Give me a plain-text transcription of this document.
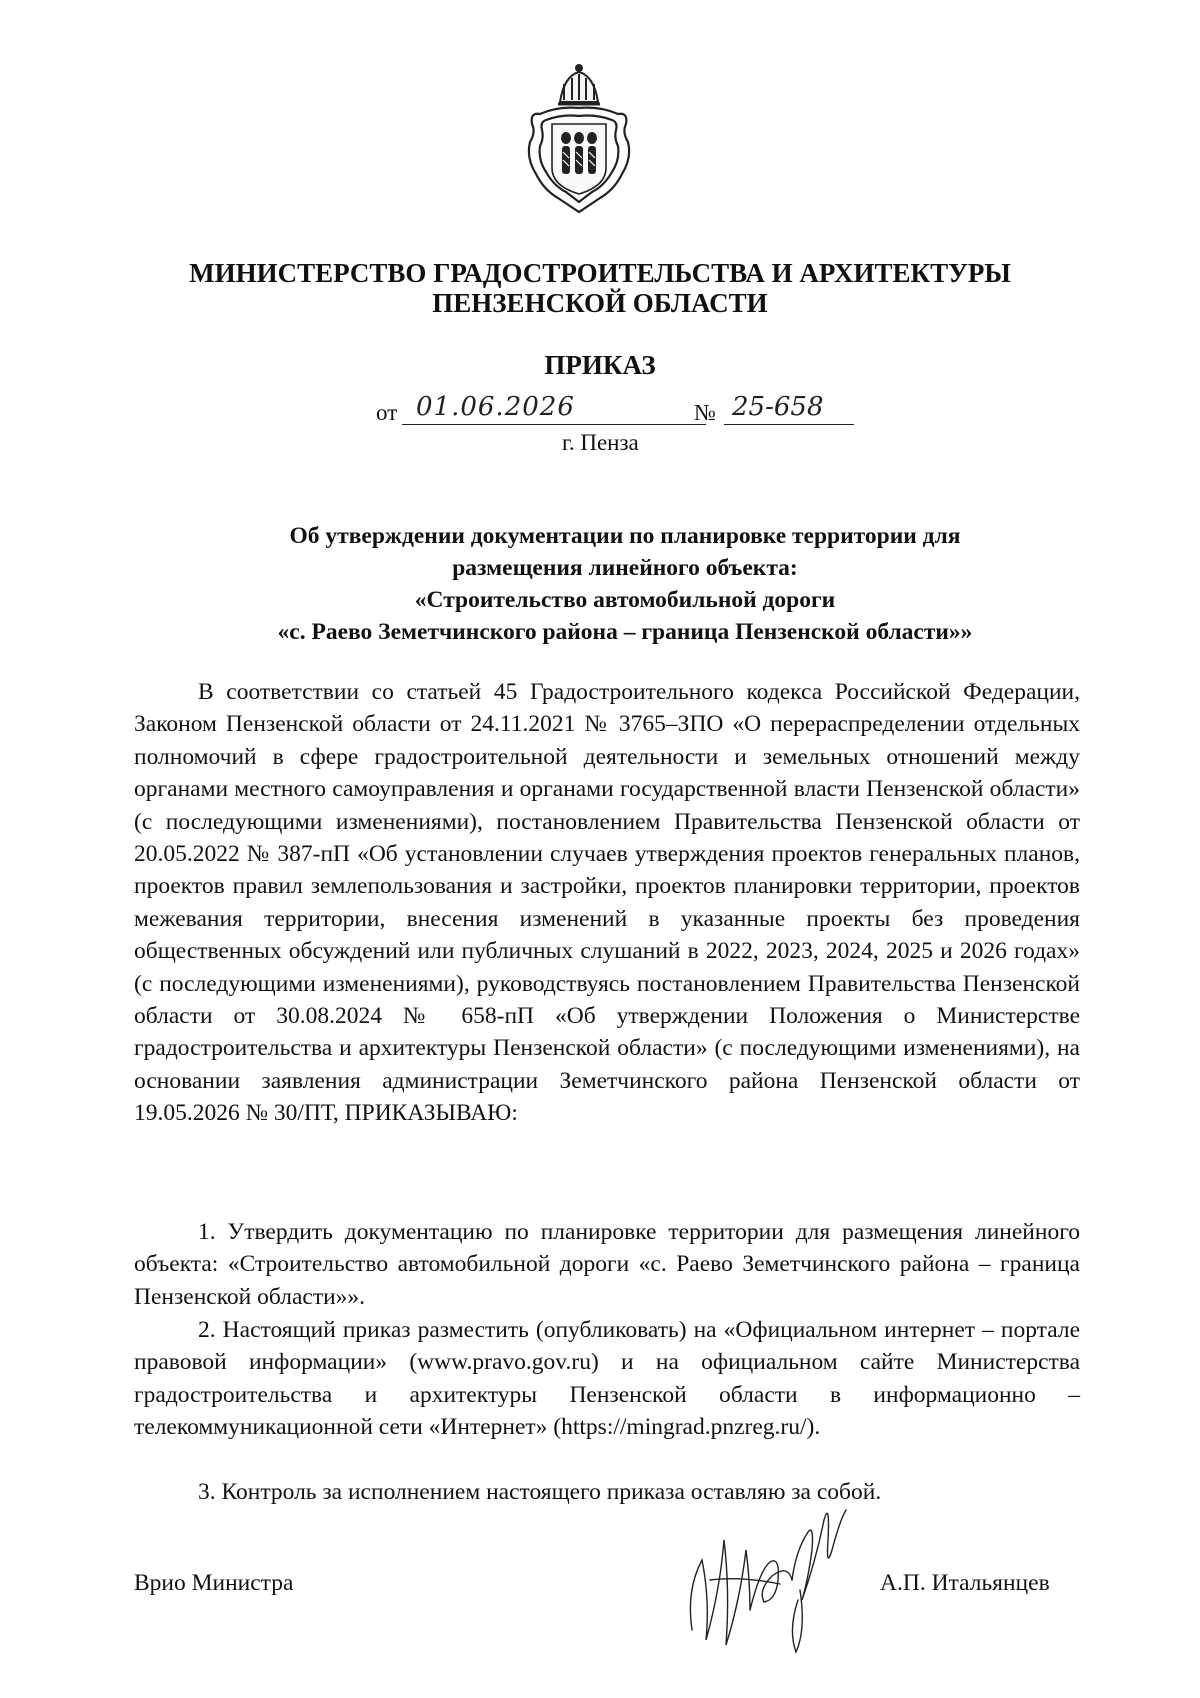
МИНИСТЕРСТВО ГРАДОСТРОИТЕЛЬСТВА И АРХИТЕКТУРЫ
ПЕНЗЕНСКОЙ ОБЛАСТИ
ПРИКАЗ
от 01.06.2026	№ 25-658
г. Пенза
Об утверждении документации по планировке территории для
размещения линейного объекта:
«Строительство автомобильной дороги
«с. Раево Земетчинского района – граница Пензенской области»»
В соответствии со статьей 45 Градостроительного кодекса Российской Федерации, Законом Пензенской области от 24.11.2021 № 3765–ЗПО «О перераспределении отдельных полномочий в сфере градостроительной деятельности и земельных отношений между органами местного самоуправления и органами государственной власти Пензенской области» (с последующими изменениями), постановлением Правительства Пензенской области от 20.05.2022 № 387-пП «Об установлении случаев утверждения проектов генеральных планов, проектов правил землепользования и застройки, проектов планировки территории, проектов межевания территории, внесения изменений в указанные проекты без проведения общественных обсуждений или публичных слушаний в 2022, 2023, 2024, 2025 и 2026 годах» (с последующими изменениями), руководствуясь постановлением Правительства Пензенской области от 30.08.2024 № 658-пП «Об утверждении Положения о Министерстве градостроительства и архитектуры Пензенской области» (с последующими изменениями), на основании заявления администрации Земетчинского района Пензенской области от 19.05.2026 № 30/ПТ, ПРИКАЗЫВАЮ:
1. Утвердить документацию по планировке территории для размещения линейного объекта: «Строительство автомобильной дороги «с. Раево Земетчинского района – граница Пензенской области»».
2. Настоящий приказ разместить (опубликовать) на «Официальном интернет – портале правовой информации» (www.pravo.gov.ru) и на официальном сайте Министерства градостроительства и архитектуры Пензенской области в информационно – телекоммуникационной сети «Интернет» (https://mingrad.pnzreg.ru/).
3. Контроль за исполнением настоящего приказа оставляю за собой.
Врио Министра	А.П. Итальянцев
